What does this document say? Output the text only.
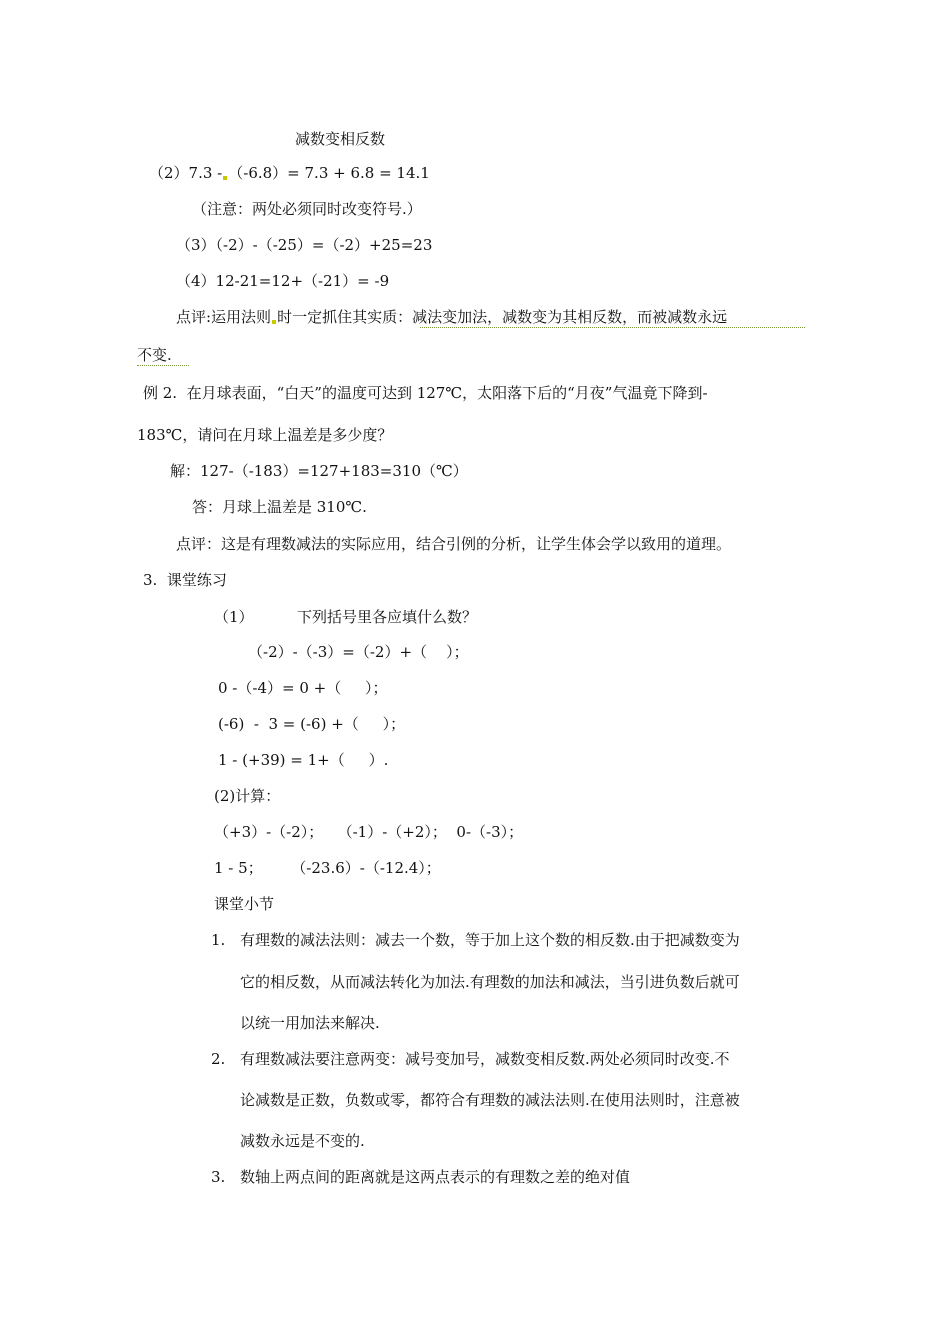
减数变相反数

（2）7.3 - （-6.8）= 7.3 + 6.8 = 14.1

（注意：两处必须同时改变符号.）

（3）（-2）-（-25）=（-2）+25=23

（4）12-21=12+（-21）= -9

点评:运用法则 时一定抓住其实质：减法变加法，减数变为其相反数，而被减数永远

不变.

例 2.  在月球表面，“白天”的温度可达到 127℃，太阳落下后的“月夜”气温竟下降到-

183℃，请问在月球上温差是多少度？

解：127-（-183）=127+183=310（℃）

答：月球上温差是 310℃.

点评：这是有理数减法的实际应用，结合引例的分析，让学生体会学以致用的道理。

3.  课堂练习

（1）	下列括号里各应填什么数？

（-2）-（-3）=（-2）+（    ）；

0 -（-4）= 0 +（     ）；

(-6)  -  3 = (-6) +（     ）；

1 - (+39) = 1+（     ）.

(2)计算：

（+3）-（-2）；   （-1）-（+2）；  0-（-3）；

1 - 5；      （-23.6）-（-12.4）；

课堂小节

1. 有理数的减法法则：减去一个数，等于加上这个数的相反数.由于把减数变为

它的相反数，从而减法转化为加法.有理数的加法和减法，当引进负数后就可

以统一用加法来解决.

2. 有理数减法要注意两变：减号变加号，减数变相反数.两处必须同时改变.不

论减数是正数，负数或零，都符合有理数的减法法则.在使用法则时，注意被

减数永远是不变的.

3. 数轴上两点间的距离就是这两点表示的有理数之差的绝对值
